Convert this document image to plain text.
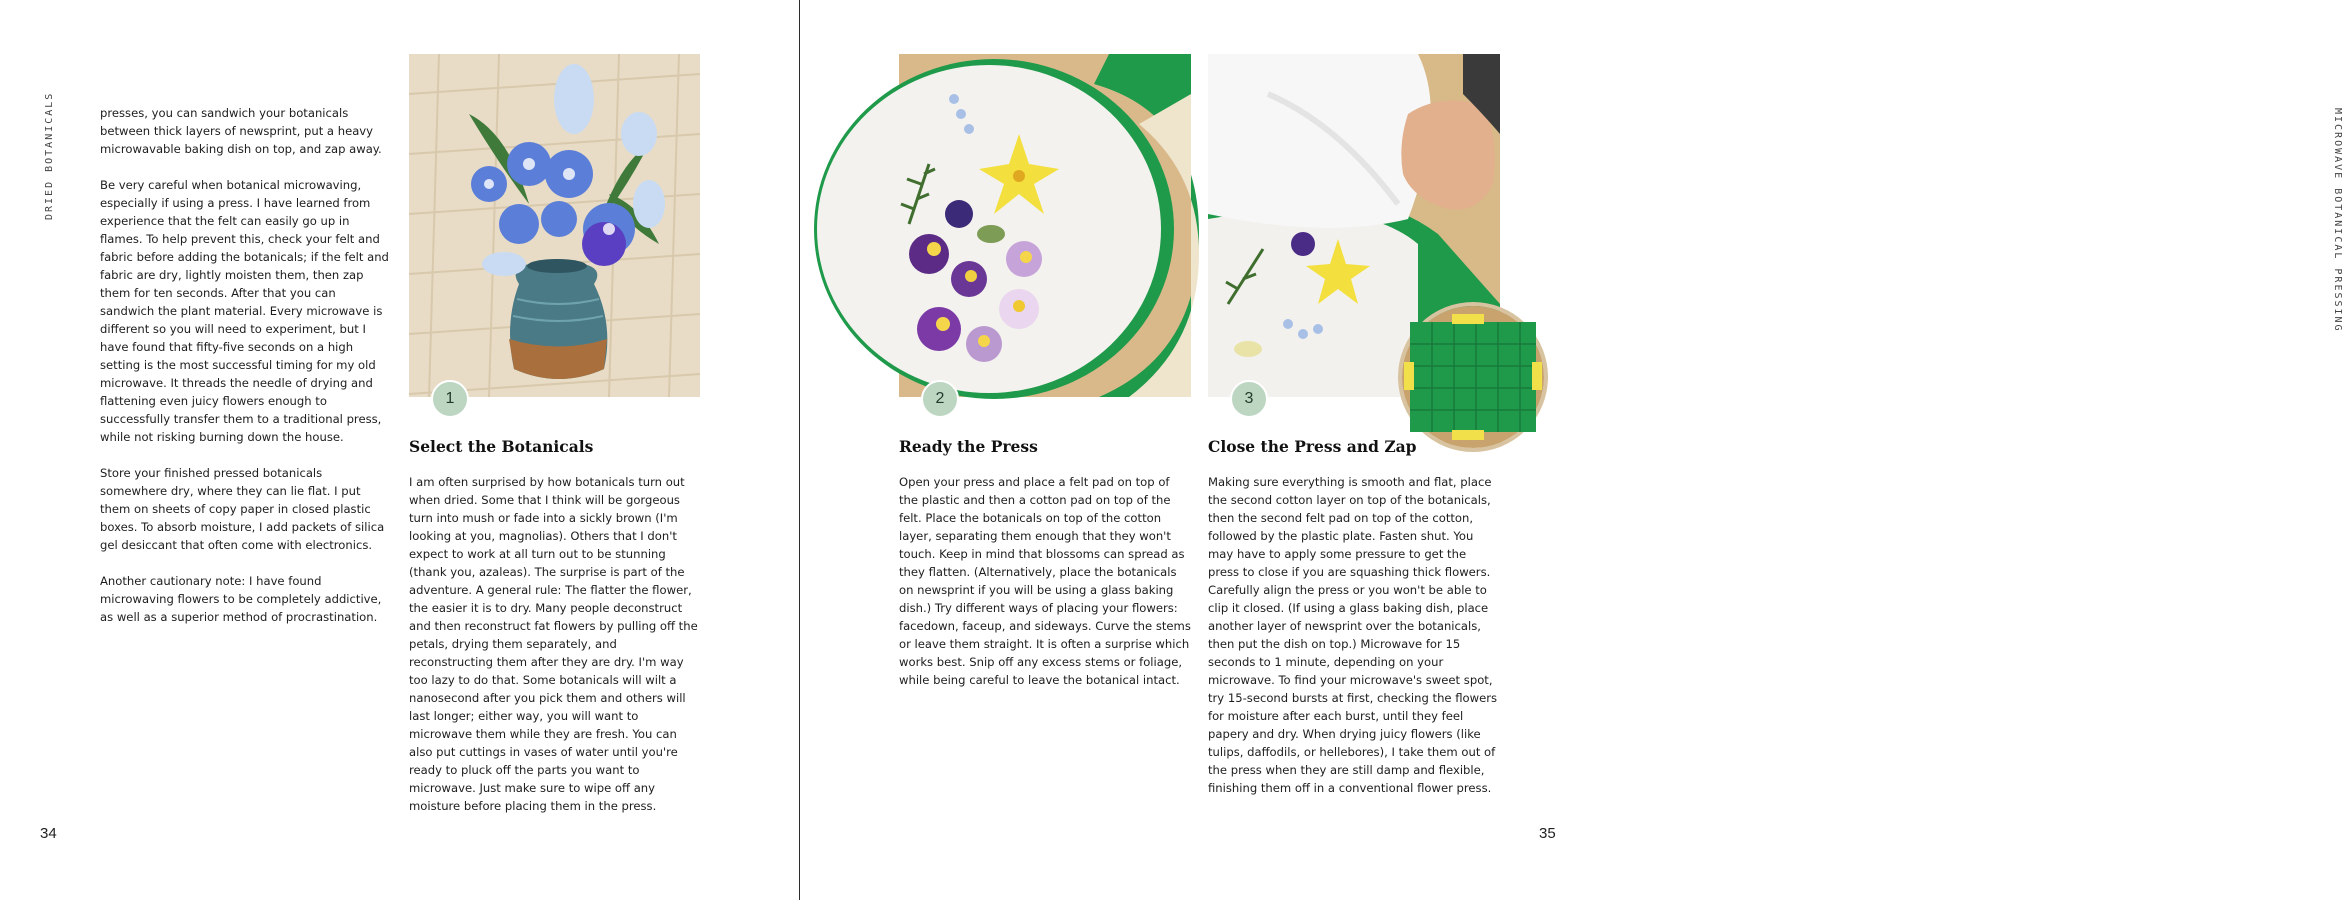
DRIED BOTANICALS	presses, you can sandwich your botanicals between thick layers of newsprint, put a heavy microwavable baking dish on top, and zap away.

Be very careful when botanical microwaving, especially if using a press. I have learned from experience that the felt can easily go up in flames. To help prevent this, check your felt and fabric before adding the botanicals; if the felt and fabric are dry, lightly moisten them, then zap them for ten seconds. After that you can sandwich the plant material. Every microwave is different so you will need to experiment, but I have found that fifty-five seconds on a high setting is the most successful timing for my old microwave. It threads the needle of drying and flattening even juicy flowers enough to successfully transfer them to a traditional press, while not risking burning down the house.

Store your finished pressed botanicals somewhere dry, where they can lie flat. I put them on sheets of copy paper in closed plastic boxes. To absorb moisture, I add packets of silica gel desiccant that often come with electronics.

Another cautionary note: I have found microwaving flowers to be completely addictive, as well as a superior method of procrastination.

1
Select the Botanicals
I am often surprised by how botanicals turn out when dried. Some that I think will be gorgeous turn into mush or fade into a sickly brown (I'm looking at you, magnolias). Others that I don't expect to work at all turn out to be stunning (thank you, azaleas). The surprise is part of the adventure. A general rule: The flatter the flower, the easier it is to dry. Many people deconstruct and then reconstruct fat flowers by pulling off the petals, drying them separately, and reconstructing them after they are dry. I'm way too lazy to do that. Some botanicals will wilt a nanosecond after you pick them and others will last longer; either way, you will want to microwave them while they are fresh. You can also put cuttings in vases of water until you're ready to pluck off the parts you want to microwave. Just make sure to wipe off any moisture before placing them in the press.
34
MICROWAVE BOTANICAL PRESSING
2
Ready the Press
Open your press and place a felt pad on top of the plastic and then a cotton pad on top of the felt. Place the botanicals on top of the cotton layer, separating them enough that they won't touch. Keep in mind that blossoms can spread as they flatten. (Alternatively, place the botanicals on newsprint if you will be using a glass baking dish.) Try different ways of placing your flowers: facedown, faceup, and sideways. Curve the stems or leave them straight. It is often a surprise which works best. Snip off any excess stems or foliage, while being careful to leave the botanical intact.
3
Close the Press and Zap
Making sure everything is smooth and flat, place the second cotton layer on top of the botanicals, then the second felt pad on top of the cotton, followed by the plastic plate. Fasten shut. You may have to apply some pressure to get the press to close if you are squashing thick flowers. Carefully align the press or you won't be able to clip it closed. (If using a glass baking dish, place another layer of newsprint over the botanicals, then put the dish on top.) Microwave for 15 seconds to 1 minute, depending on your microwave. To find your microwave's sweet spot, try 15-second bursts at first, checking the flowers for moisture after each burst, until they feel papery and dry. When drying juicy flowers (like tulips, daffodils, or hellebores), I take them out of the press when they are still damp and flexible, finishing them off in a conventional flower press.
35
